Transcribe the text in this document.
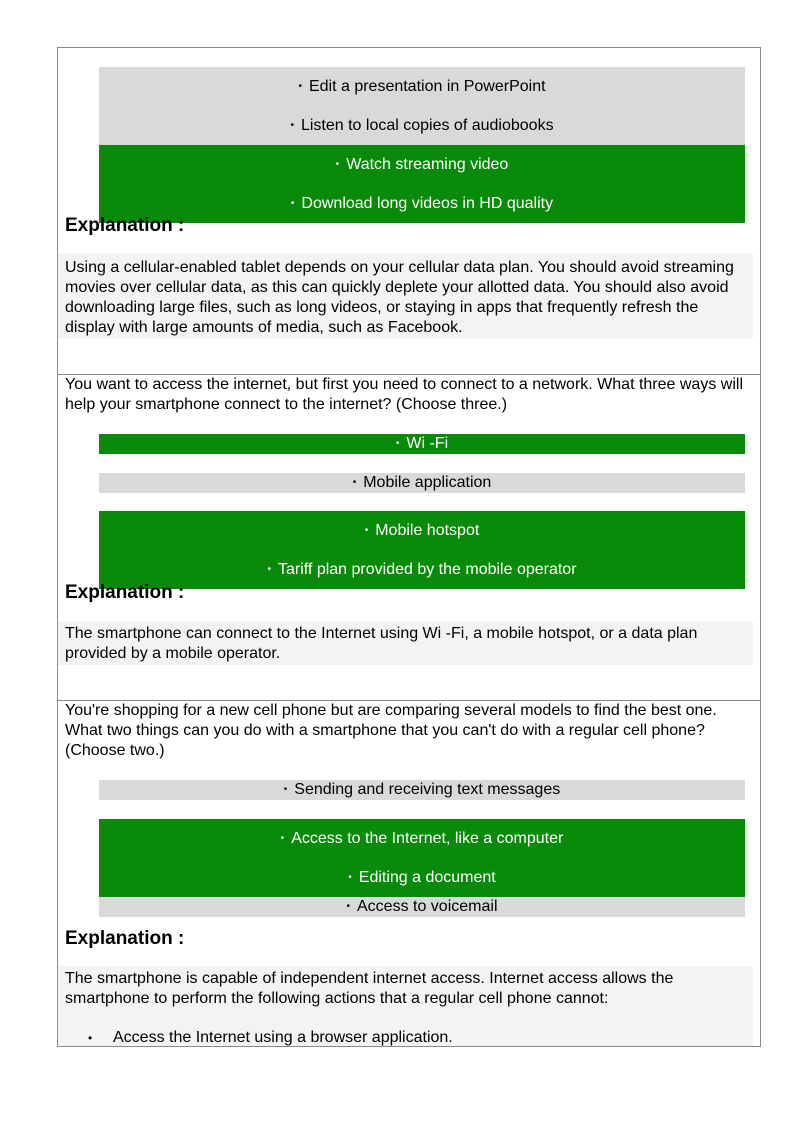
• Edit a presentation in PowerPoint
• Listen to local copies of audiobooks
• Watch streaming video
• Download long videos in HD quality
Explanation :
Using a cellular-enabled tablet depends on your cellular data plan. You should avoid streaming movies over cellular data, as this can quickly deplete your allotted data. You should also avoid downloading large files, such as long videos, or staying in apps that frequently refresh the display with large amounts of media, such as Facebook.
You want to access the internet, but first you need to connect to a network. What three ways will help your smartphone connect to the internet? (Choose three.)
• Wi -Fi
• Mobile application
• Mobile hotspot
• Tariff plan provided by the mobile operator
Explanation :
The smartphone can connect to the Internet using Wi -Fi, a mobile hotspot, or a data plan provided by a mobile operator.
You're shopping for a new cell phone but are comparing several models to find the best one. What two things can you do with a smartphone that you can't do with a regular cell phone? (Choose two.)
• Sending and receiving text messages
• Access to the Internet, like a computer
• Editing a document
• Access to voicemail
Explanation :
The smartphone is capable of independent internet access. Internet access allows the smartphone to perform the following actions that a regular cell phone cannot:
• Access the Internet using a browser application.
